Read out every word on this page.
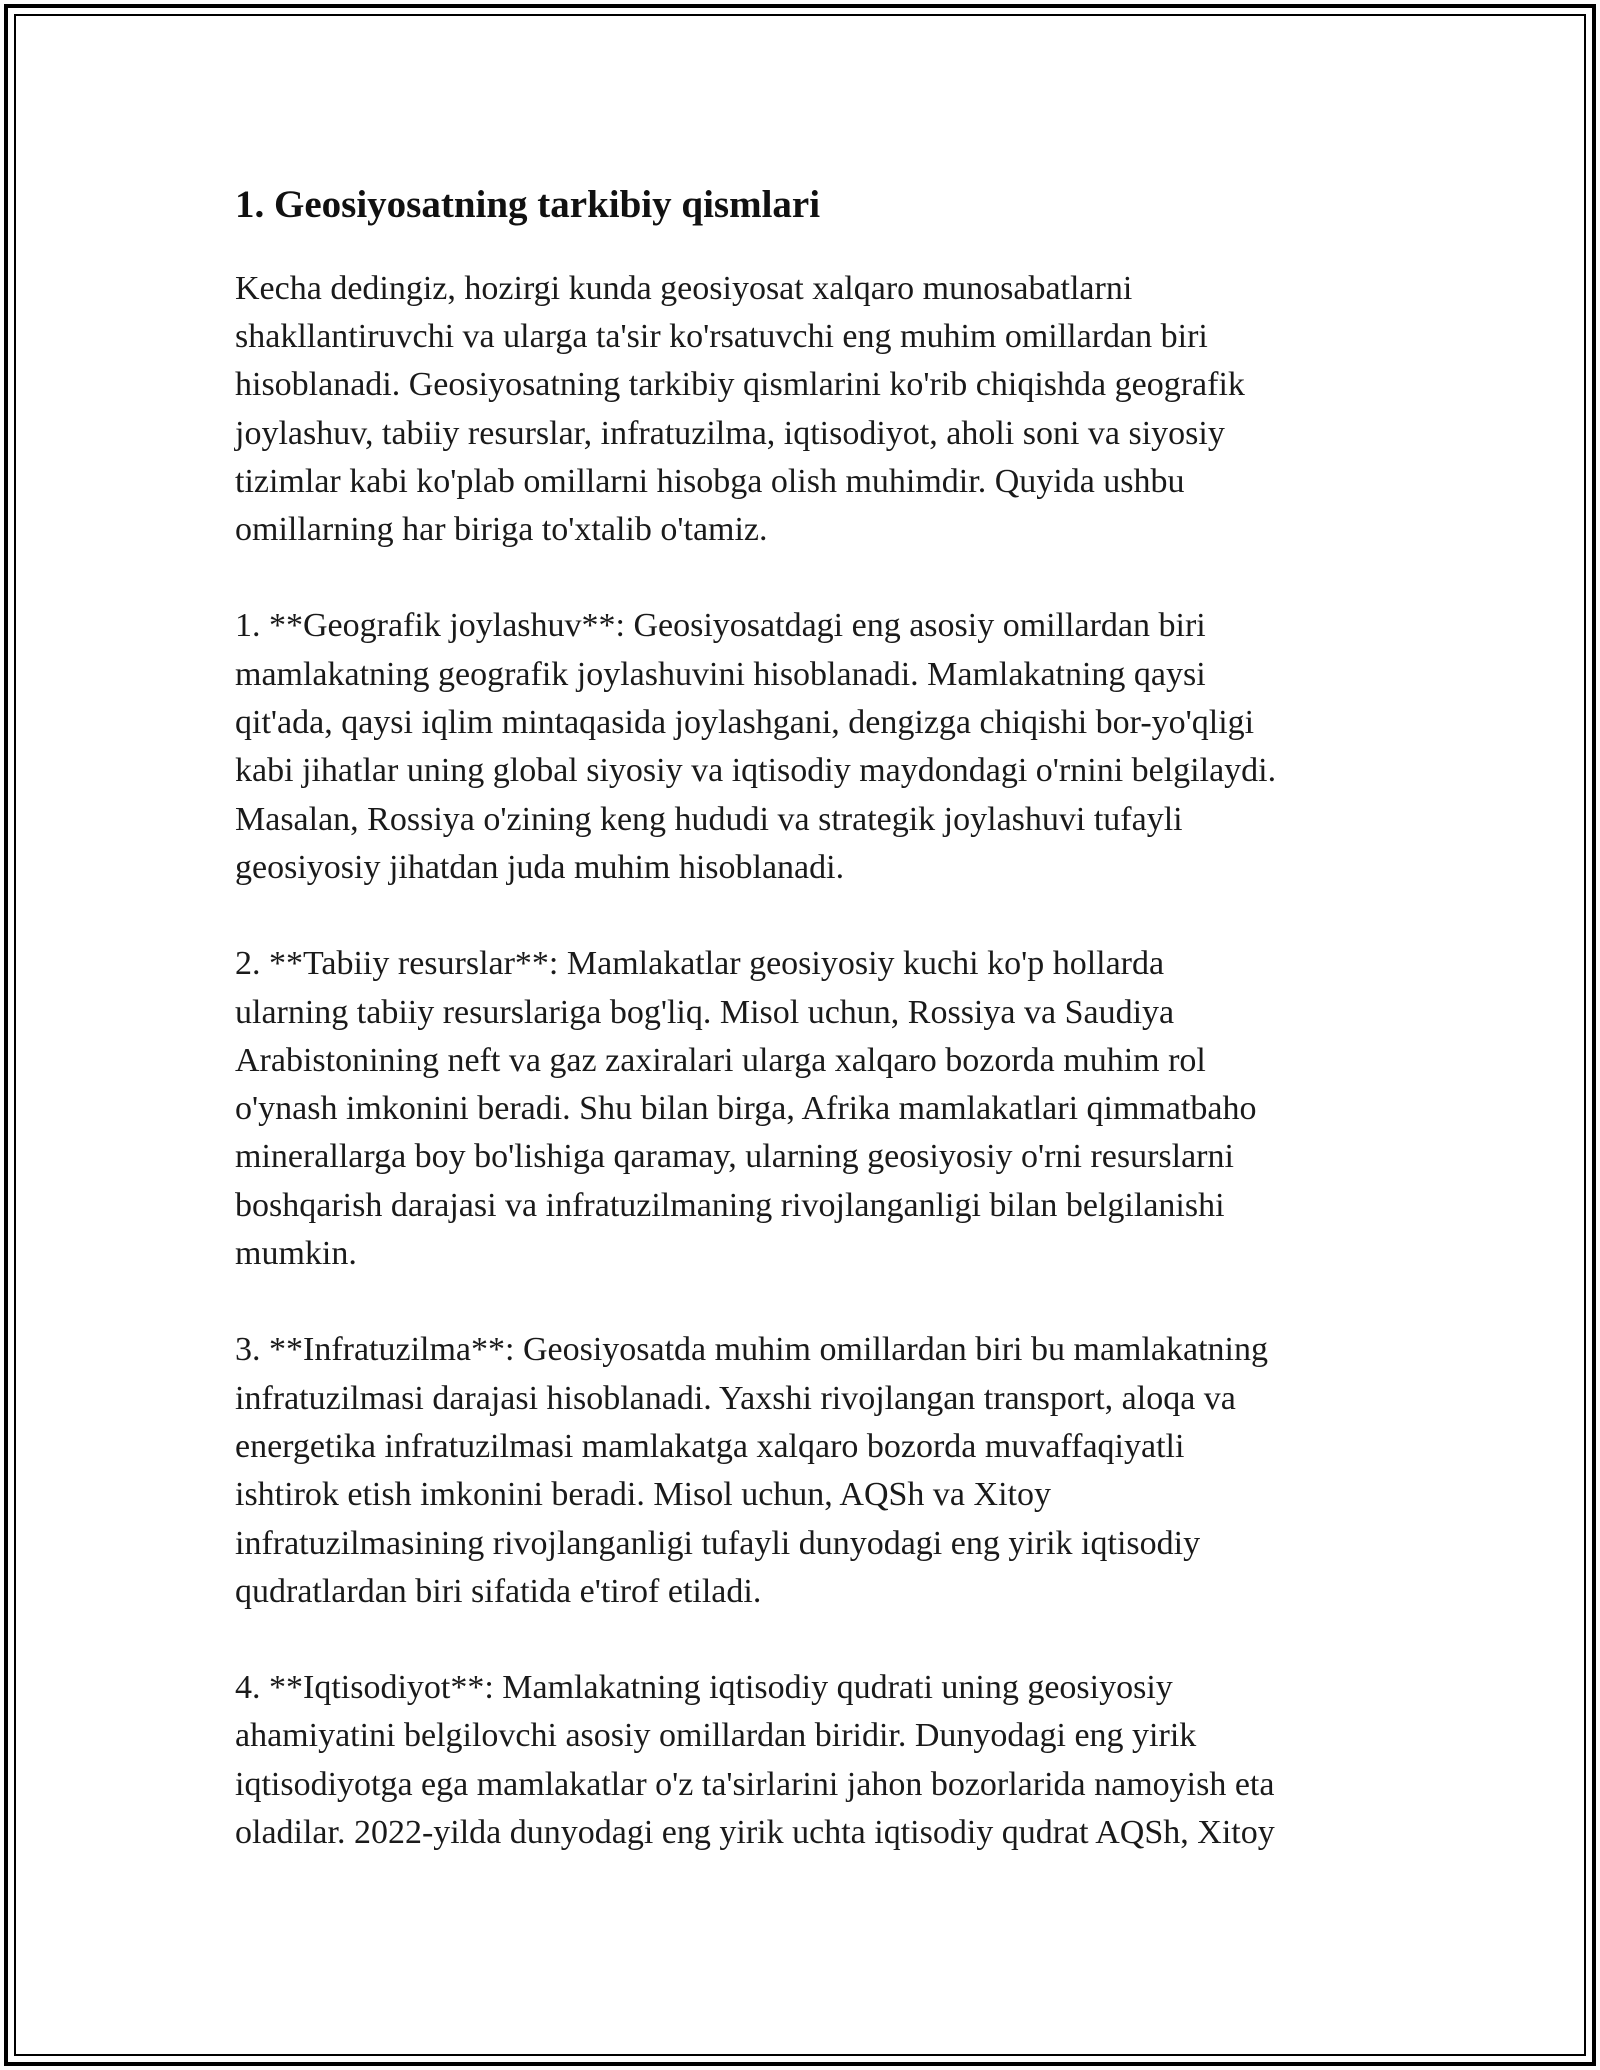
1. Geosiyosatning tarkibiy qismlari

Kecha dedingiz, hozirgi kunda geosiyosat xalqaro munosabatlarni
shakllantiruvchi va ularga ta'sir ko'rsatuvchi eng muhim omillardan biri
hisoblanadi. Geosiyosatning tarkibiy qismlarini ko'rib chiqishda geografik
joylashuv, tabiiy resurslar, infratuzilma, iqtisodiyot, aholi soni va siyosiy
tizimlar kabi ko'plab omillarni hisobga olish muhimdir. Quyida ushbu
omillarning har biriga to'xtalib o'tamiz.

1. **Geografik joylashuv**: Geosiyosatdagi eng asosiy omillardan biri
mamlakatning geografik joylashuvini hisoblanadi. Mamlakatning qaysi
qit'ada, qaysi iqlim mintaqasida joylashgani, dengizga chiqishi bor-yo'qligi
kabi jihatlar uning global siyosiy va iqtisodiy maydondagi o'rnini belgilaydi.
Masalan, Rossiya o'zining keng hududi va strategik joylashuvi tufayli
geosiyosiy jihatdan juda muhim hisoblanadi.

2. **Tabiiy resurslar**: Mamlakatlar geosiyosiy kuchi ko'p hollarda
ularning tabiiy resurslariga bog'liq. Misol uchun, Rossiya va Saudiya
Arabistonining neft va gaz zaxiralari ularga xalqaro bozorda muhim rol
o'ynash imkonini beradi. Shu bilan birga, Afrika mamlakatlari qimmatbaho
minerallarga boy bo'lishiga qaramay, ularning geosiyosiy o'rni resurslarni
boshqarish darajasi va infratuzilmaning rivojlanganligi bilan belgilanishi
mumkin.

3. **Infratuzilma**: Geosiyosatda muhim omillardan biri bu mamlakatning
infratuzilmasi darajasi hisoblanadi. Yaxshi rivojlangan transport, aloqa va
energetika infratuzilmasi mamlakatga xalqaro bozorda muvaffaqiyatli
ishtirok etish imkonini beradi. Misol uchun, AQSh va Xitoy
infratuzilmasining rivojlanganligi tufayli dunyodagi eng yirik iqtisodiy
qudratlardan biri sifatida e'tirof etiladi.

4. **Iqtisodiyot**: Mamlakatning iqtisodiy qudrati uning geosiyosiy
ahamiyatini belgilovchi asosiy omillardan biridir. Dunyodagi eng yirik
iqtisodiyotga ega mamlakatlar o'z ta'sirlarini jahon bozorlarida namoyish eta
oladilar. 2022-yilda dunyodagi eng yirik uchta iqtisodiy qudrat AQSh, Xitoy
